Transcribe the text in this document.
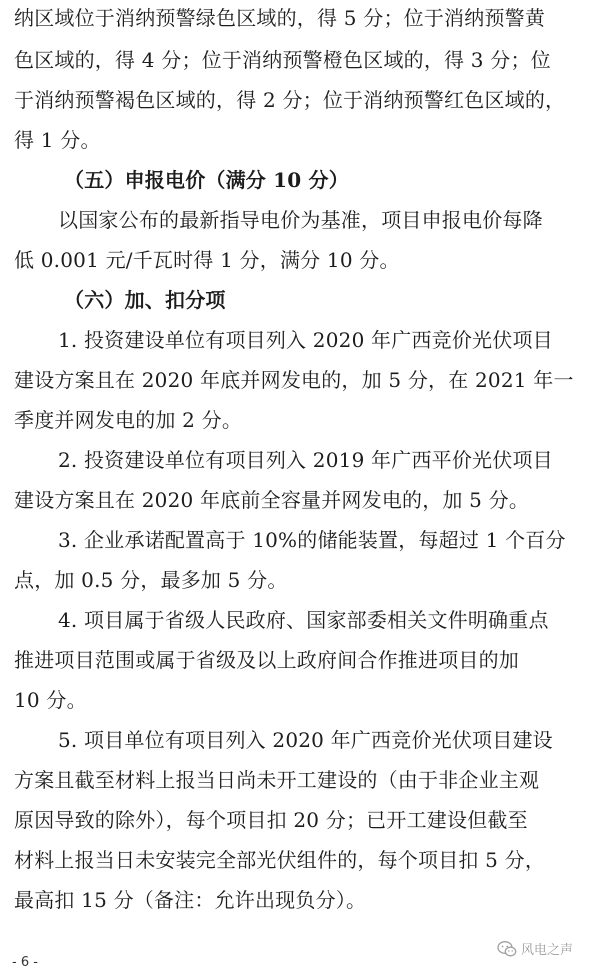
纳区域位于消纳预警绿色区域的，得 5 分；位于消纳预警黄
色区域的，得 4 分；位于消纳预警橙色区域的，得 3 分；位
于消纳预警褐色区域的，得 2 分；位于消纳预警红色区域的，
得 1 分。
（五）申报电价（满分 10 分）
以国家公布的最新指导电价为基准，项目申报电价每降
低 0.001 元/千瓦时得 1 分，满分 10 分。
（六）加、扣分项
1. 投资建设单位有项目列入 2020 年广西竞价光伏项目
建设方案且在 2020 年底并网发电的，加 5 分，在 2021 年一
季度并网发电的加 2 分。
2. 投资建设单位有项目列入 2019 年广西平价光伏项目
建设方案且在 2020 年底前全容量并网发电的，加 5 分。
3. 企业承诺配置高于 10%的储能装置，每超过 1 个百分
点，加 0.5 分，最多加 5 分。
4. 项目属于省级人民政府、国家部委相关文件明确重点
推进项目范围或属于省级及以上政府间合作推进项目的加
10 分。
5. 项目单位有项目列入 2020 年广西竞价光伏项目建设
方案且截至材料上报当日尚未开工建设的（由于非企业主观
原因导致的除外），每个项目扣 20 分；已开工建设但截至
材料上报当日未安装完全部光伏组件的，每个项目扣 5 分，
最高扣 15 分（备注：允许出现负分）。
风电之声
- 6 -
